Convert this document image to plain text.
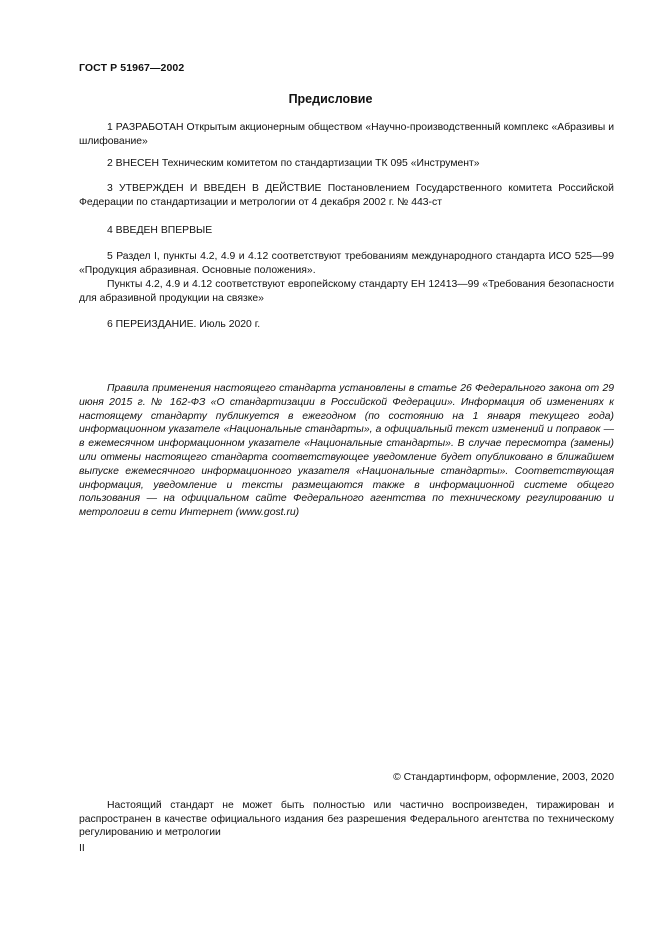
ГОСТ Р 51967—2002
Предисловие
1 РАЗРАБОТАН Открытым акционерным обществом «Научно-производственный комплекс «Абразивы и шлифование»
2 ВНЕСЕН Техническим комитетом по стандартизации ТК 095 «Инструмент»
3 УТВЕРЖДЕН И ВВЕДЕН В ДЕЙСТВИЕ Постановлением Государственного комитета Российской Федерации по стандартизации и метрологии от 4 декабря 2002 г. № 443-ст
4 ВВЕДЕН ВПЕРВЫЕ
5 Раздел I, пункты 4.2, 4.9 и 4.12 соответствуют требованиям международного стандарта ИСО 525—99 «Продукция абразивная. Основные положения».
Пункты 4.2, 4.9 и 4.12 соответствуют европейскому стандарту ЕН 12413—99 «Требования безопасности для абразивной продукции на связке»
6 ПЕРЕИЗДАНИЕ. Июль 2020 г.
Правила применения настоящего стандарта установлены в статье 26 Федерального закона от 29 июня 2015 г. № 162-ФЗ «О стандартизации в Российской Федерации». Информация об изменениях к настоящему стандарту публикуется в ежегодном (по состоянию на 1 января текущего года) информационном указателе «Национальные стандарты», а официальный текст изменений и поправок — в ежемесячном информационном указателе «Национальные стандарты». В случае пересмотра (замены) или отмены настоящего стандарта соответствующее уведомление будет опубликовано в ближайшем выпуске ежемесячного информационного указателя «Национальные стандарты». Соответствующая информация, уведомление и тексты размещаются также в информационной системе общего пользования — на официальном сайте Федерального агентства по техническому регулированию и метрологии в сети Интернет (www.gost.ru)
© Стандартинформ, оформление, 2003, 2020
Настоящий стандарт не может быть полностью или частично воспроизведен, тиражирован и распространен в качестве официального издания без разрешения Федерального агентства по техническому регулированию и метрологии
II
